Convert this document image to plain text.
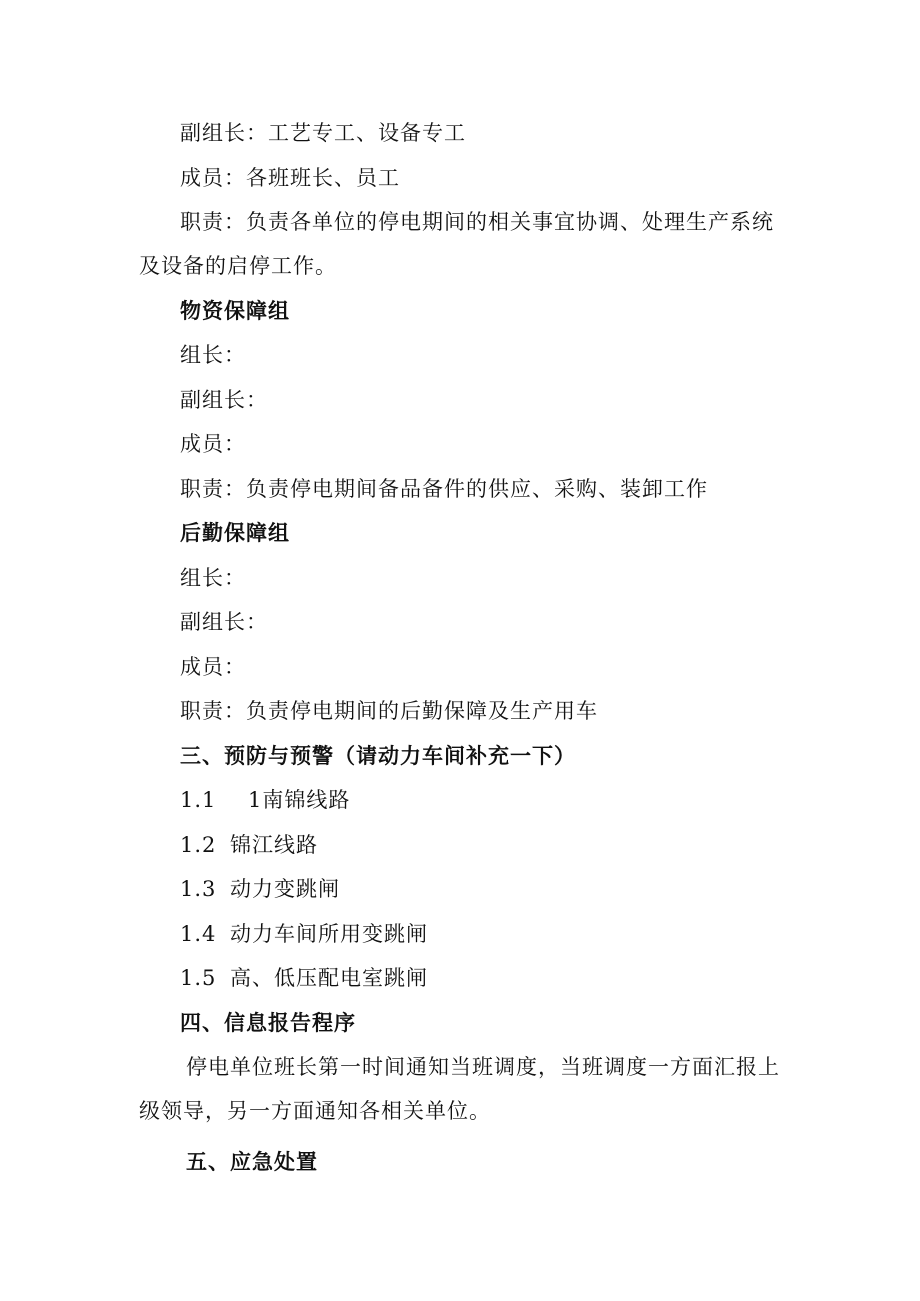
副组长：工艺专工、设备专工
成员：各班班长、员工
职责：负责各单位的停电期间的相关事宜协调、处理生产系统
及设备的启停工作。
物资保障组
组长：
副组长：
成员：
职责：负责停电期间备品备件的供应、采购、装卸工作
后勤保障组
组长：
副组长：
成员：
职责：负责停电期间的后勤保障及生产用车
三、预防与预警（请动力车间补充一下）
1.1 1南锦线路
1.2 锦江线路
1.3 动力变跳闸
1.4 动力车间所用变跳闸
1.5 高、低压配电室跳闸
四、信息报告程序
停电单位班长第一时间通知当班调度，当班调度一方面汇报上
级领导，另一方面通知各相关单位。
五、应急处置
